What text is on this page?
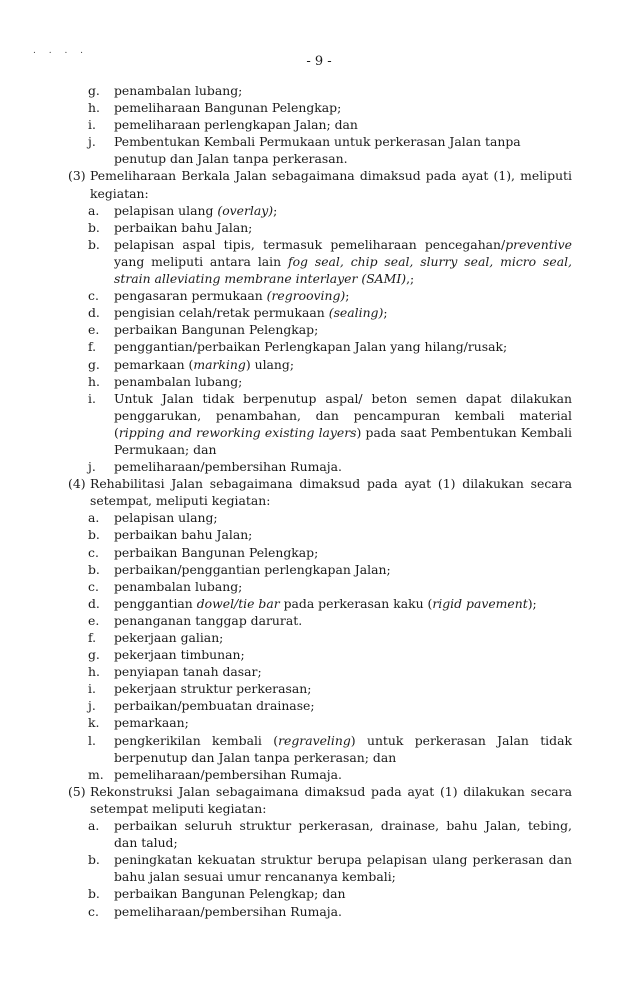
. . . .
- 9 -
g. penambalan lubang;
h. pemeliharaan Bangunan Pelengkap;
i. pemeliharaan perlengkapan Jalan; dan
j. Pembentukan Kembali Permukaan untuk perkerasan Jalan tanpa penutup dan Jalan tanpa perkerasan.
(3) Pemeliharaan Berkala Jalan sebagaimana dimaksud pada ayat (1), meliputi kegiatan:
a. pelapisan ulang (overlay);
b. perbaikan bahu Jalan;
b. pelapisan aspal tipis, termasuk pemeliharaan pencegahan/preventive yang meliputi antara lain fog seal, chip seal, slurry seal, micro seal, strain alleviating membrane interlayer (SAMI),;
c. pengasaran permukaan (regrooving);
d. pengisian celah/retak permukaan (sealing);
e. perbaikan Bangunan Pelengkap;
f. penggantian/perbaikan Perlengkapan Jalan yang hilang/rusak;
g. pemarkaan (marking) ulang;
h. penambalan lubang;
i. Untuk Jalan tidak berpenutup aspal/ beton semen dapat dilakukan penggarukan, penambahan, dan pencampuran kembali material (ripping and reworking existing layers) pada saat Pembentukan Kembali Permukaan; dan
j. pemeliharaan/pembersihan Rumaja.
(4) Rehabilitasi Jalan sebagaimana dimaksud pada ayat (1) dilakukan secara setempat, meliputi kegiatan:
a. pelapisan ulang;
b. perbaikan bahu Jalan;
c. perbaikan Bangunan Pelengkap;
b. perbaikan/penggantian perlengkapan Jalan;
c. penambalan lubang;
d. penggantian dowel/tie bar pada perkerasan kaku (rigid pavement);
e. penanganan tanggap darurat.
f. pekerjaan galian;
g. pekerjaan timbunan;
h. penyiapan tanah dasar;
i. pekerjaan struktur perkerasan;
j. perbaikan/pembuatan drainase;
k. pemarkaan;
l. pengkerikilan kembali (regraveling) untuk perkerasan Jalan tidak berpenutup dan Jalan tanpa perkerasan; dan
m. pemeliharaan/pembersihan Rumaja.
(5) Rekonstruksi Jalan sebagaimana dimaksud pada ayat (1) dilakukan secara setempat meliputi kegiatan:
a. perbaikan seluruh struktur perkerasan, drainase, bahu Jalan, tebing, dan talud;
b. peningkatan kekuatan struktur berupa pelapisan ulang perkerasan dan bahu jalan sesuai umur rencananya kembali;
b. perbaikan Bangunan Pelengkap; dan
c. pemeliharaan/pembersihan Rumaja.
